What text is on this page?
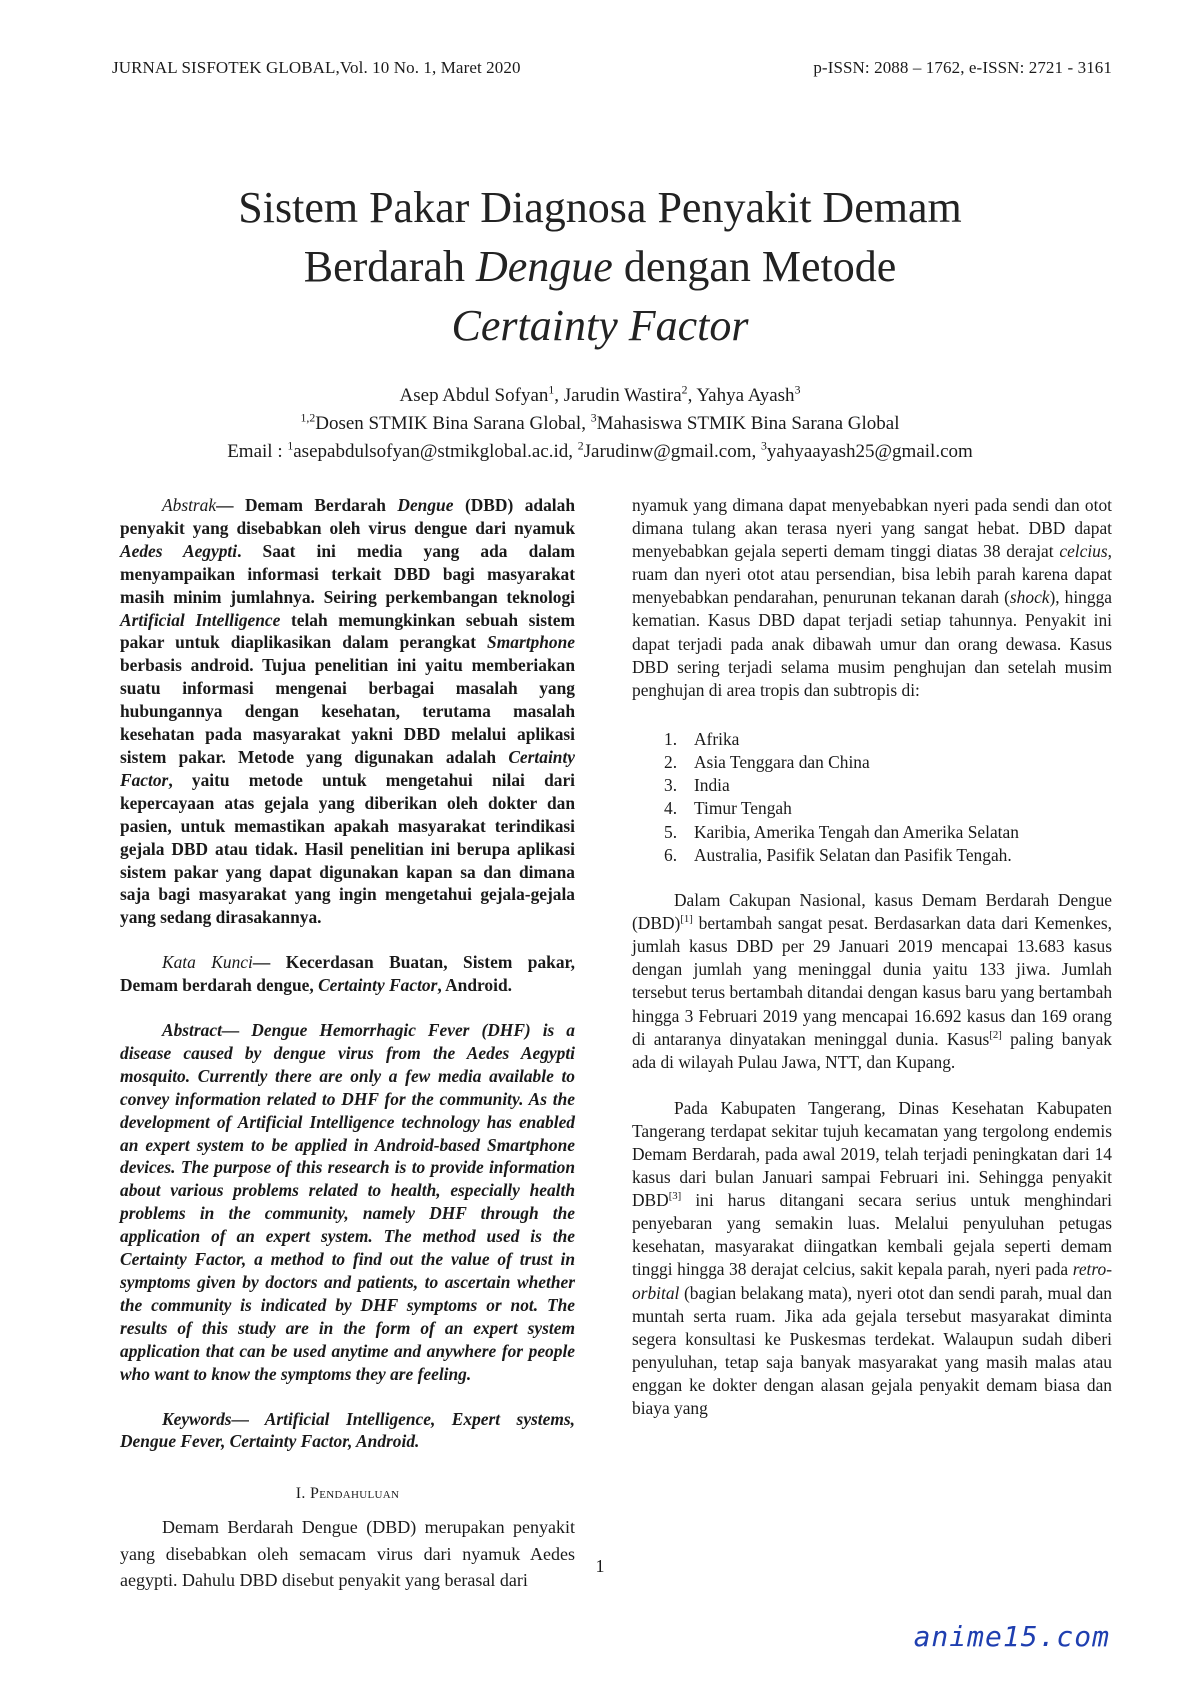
JURNAL SISFOTEK GLOBAL,Vol. 10 No. 1, Maret 2020	p-ISSN: 2088 – 1762, e-ISSN: 2721 - 3161
Sistem Pakar Diagnosa Penyakit Demam
Berdarah Dengue dengan Metode
Certainty Factor
Asep Abdul Sofyan$^1$, Jarudin Wastira$^2$, Yahya Ayash$^3$
$^{1,2}$Dosen STMIK Bina Sarana Global, $^3$Mahasiswa STMIK Bina Sarana Global
Email : $^1$asepabdulsofyan@stmikglobal.ac.id, $^2$Jarudinw@gmail.com, $^3$yahyaayash25@gmail.com

Abstrak— Demam Berdarah Dengue (DBD) adalah penyakit yang disebabkan oleh virus dengue dari nyamuk Aedes Aegypti. Saat ini media yang ada dalam menyampaikan informasi terkait DBD bagi masyarakat masih minim jumlahnya. Seiring perkembangan teknologi Artificial Intelligence telah memungkinkan sebuah sistem pakar untuk diaplikasikan dalam perangkat Smartphone berbasis android. Tujua penelitian ini yaitu memberiakan suatu informasi mengenai berbagai masalah yang hubungannya dengan kesehatan, terutama masalah kesehatan pada masyarakat yakni DBD melalui aplikasi sistem pakar. Metode yang digunakan adalah Certainty Factor, yaitu metode untuk mengetahui nilai dari kepercayaan atas gejala yang diberikan oleh dokter dan pasien, untuk memastikan apakah masyarakat terindikasi gejala DBD atau tidak. Hasil penelitian ini berupa aplikasi sistem pakar yang dapat digunakan kapan sa dan dimana saja bagi masyarakat yang ingin mengetahui gejala-gejala yang sedang dirasakannya.

Kata Kunci— Kecerdasan Buatan, Sistem pakar, Demam berdarah dengue, Certainty Factor, Android.

Abstract— Dengue Hemorrhagic Fever (DHF) is a disease caused by dengue virus from the Aedes Aegypti mosquito. Currently there are only a few media available to convey information related to DHF for the community. As the development of Artificial Intelligence technology has enabled an expert system to be applied in Android-based Smartphone devices. The purpose of this research is to provide information about various problems related to health, especially health problems in the community, namely DHF through the application of an expert system. The method used is the Certainty Factor, a method to find out the value of trust in symptoms given by doctors and patients, to ascertain whether the community is indicated by DHF symptoms or not. The results of this study are in the form of an expert system application that can be used anytime and anywhere for people who want to know the symptoms they are feeling.

Keywords— Artificial Intelligence, Expert systems, Dengue Fever, Certainty Factor, Android.

I. Pendahuluan

Demam Berdarah Dengue (DBD) merupakan penyakit yang disebabkan oleh semacam virus dari nyamuk Aedes aegypti. Dahulu DBD disebut penyakit yang berasal dari

nyamuk yang dimana dapat menyebabkan nyeri pada sendi dan otot dimana tulang akan terasa nyeri yang sangat hebat. DBD dapat menyebabkan gejala seperti demam tinggi diatas 38 derajat celcius, ruam dan nyeri otot atau persendian, bisa lebih parah karena dapat menyebabkan pendarahan, penurunan tekanan darah (shock), hingga kematian. Kasus DBD dapat terjadi setiap tahunnya. Penyakit ini dapat terjadi pada anak dibawah umur dan orang dewasa. Kasus DBD sering terjadi selama musim penghujan dan setelah musim penghujan di area tropis dan subtropis di:

1. Afrika
2. Asia Tenggara dan China
3. India
4. Timur Tengah
5. Karibia, Amerika Tengah dan Amerika Selatan
6. Australia, Pasifik Selatan dan Pasifik Tengah.

Dalam Cakupan Nasional, kasus Demam Berdarah Dengue (DBD)[1] bertambah sangat pesat. Berdasarkan data dari Kemenkes, jumlah kasus DBD per 29 Januari 2019 mencapai 13.683 kasus dengan jumlah yang meninggal dunia yaitu 133 jiwa. Jumlah tersebut terus bertambah ditandai dengan kasus baru yang bertambah hingga 3 Februari 2019 yang mencapai 16.692 kasus dan 169 orang di antaranya dinyatakan meninggal dunia. Kasus[2] paling banyak ada di wilayah Pulau Jawa, NTT, dan Kupang.

Pada Kabupaten Tangerang, Dinas Kesehatan Kabupaten Tangerang terdapat sekitar tujuh kecamatan yang tergolong endemis Demam Berdarah, pada awal 2019, telah terjadi peningkatan dari 14 kasus dari bulan Januari sampai Februari ini. Sehingga penyakit DBD[3] ini harus ditangani secara serius untuk menghindari penyebaran yang semakin luas. Melalui penyuluhan petugas kesehatan, masyarakat diingatkan kembali gejala seperti demam tinggi hingga 38 derajat celcius, sakit kepala parah, nyeri pada retro-orbital (bagian belakang mata), nyeri otot dan sendi parah, mual dan muntah serta ruam. Jika ada gejala tersebut masyarakat diminta segera konsultasi ke Puskesmas terdekat. Walaupun sudah diberi penyuluhan, tetap saja banyak masyarakat yang masih malas atau enggan ke dokter dengan alasan gejala penyakit demam biasa dan biaya yang

1
anime15.com
